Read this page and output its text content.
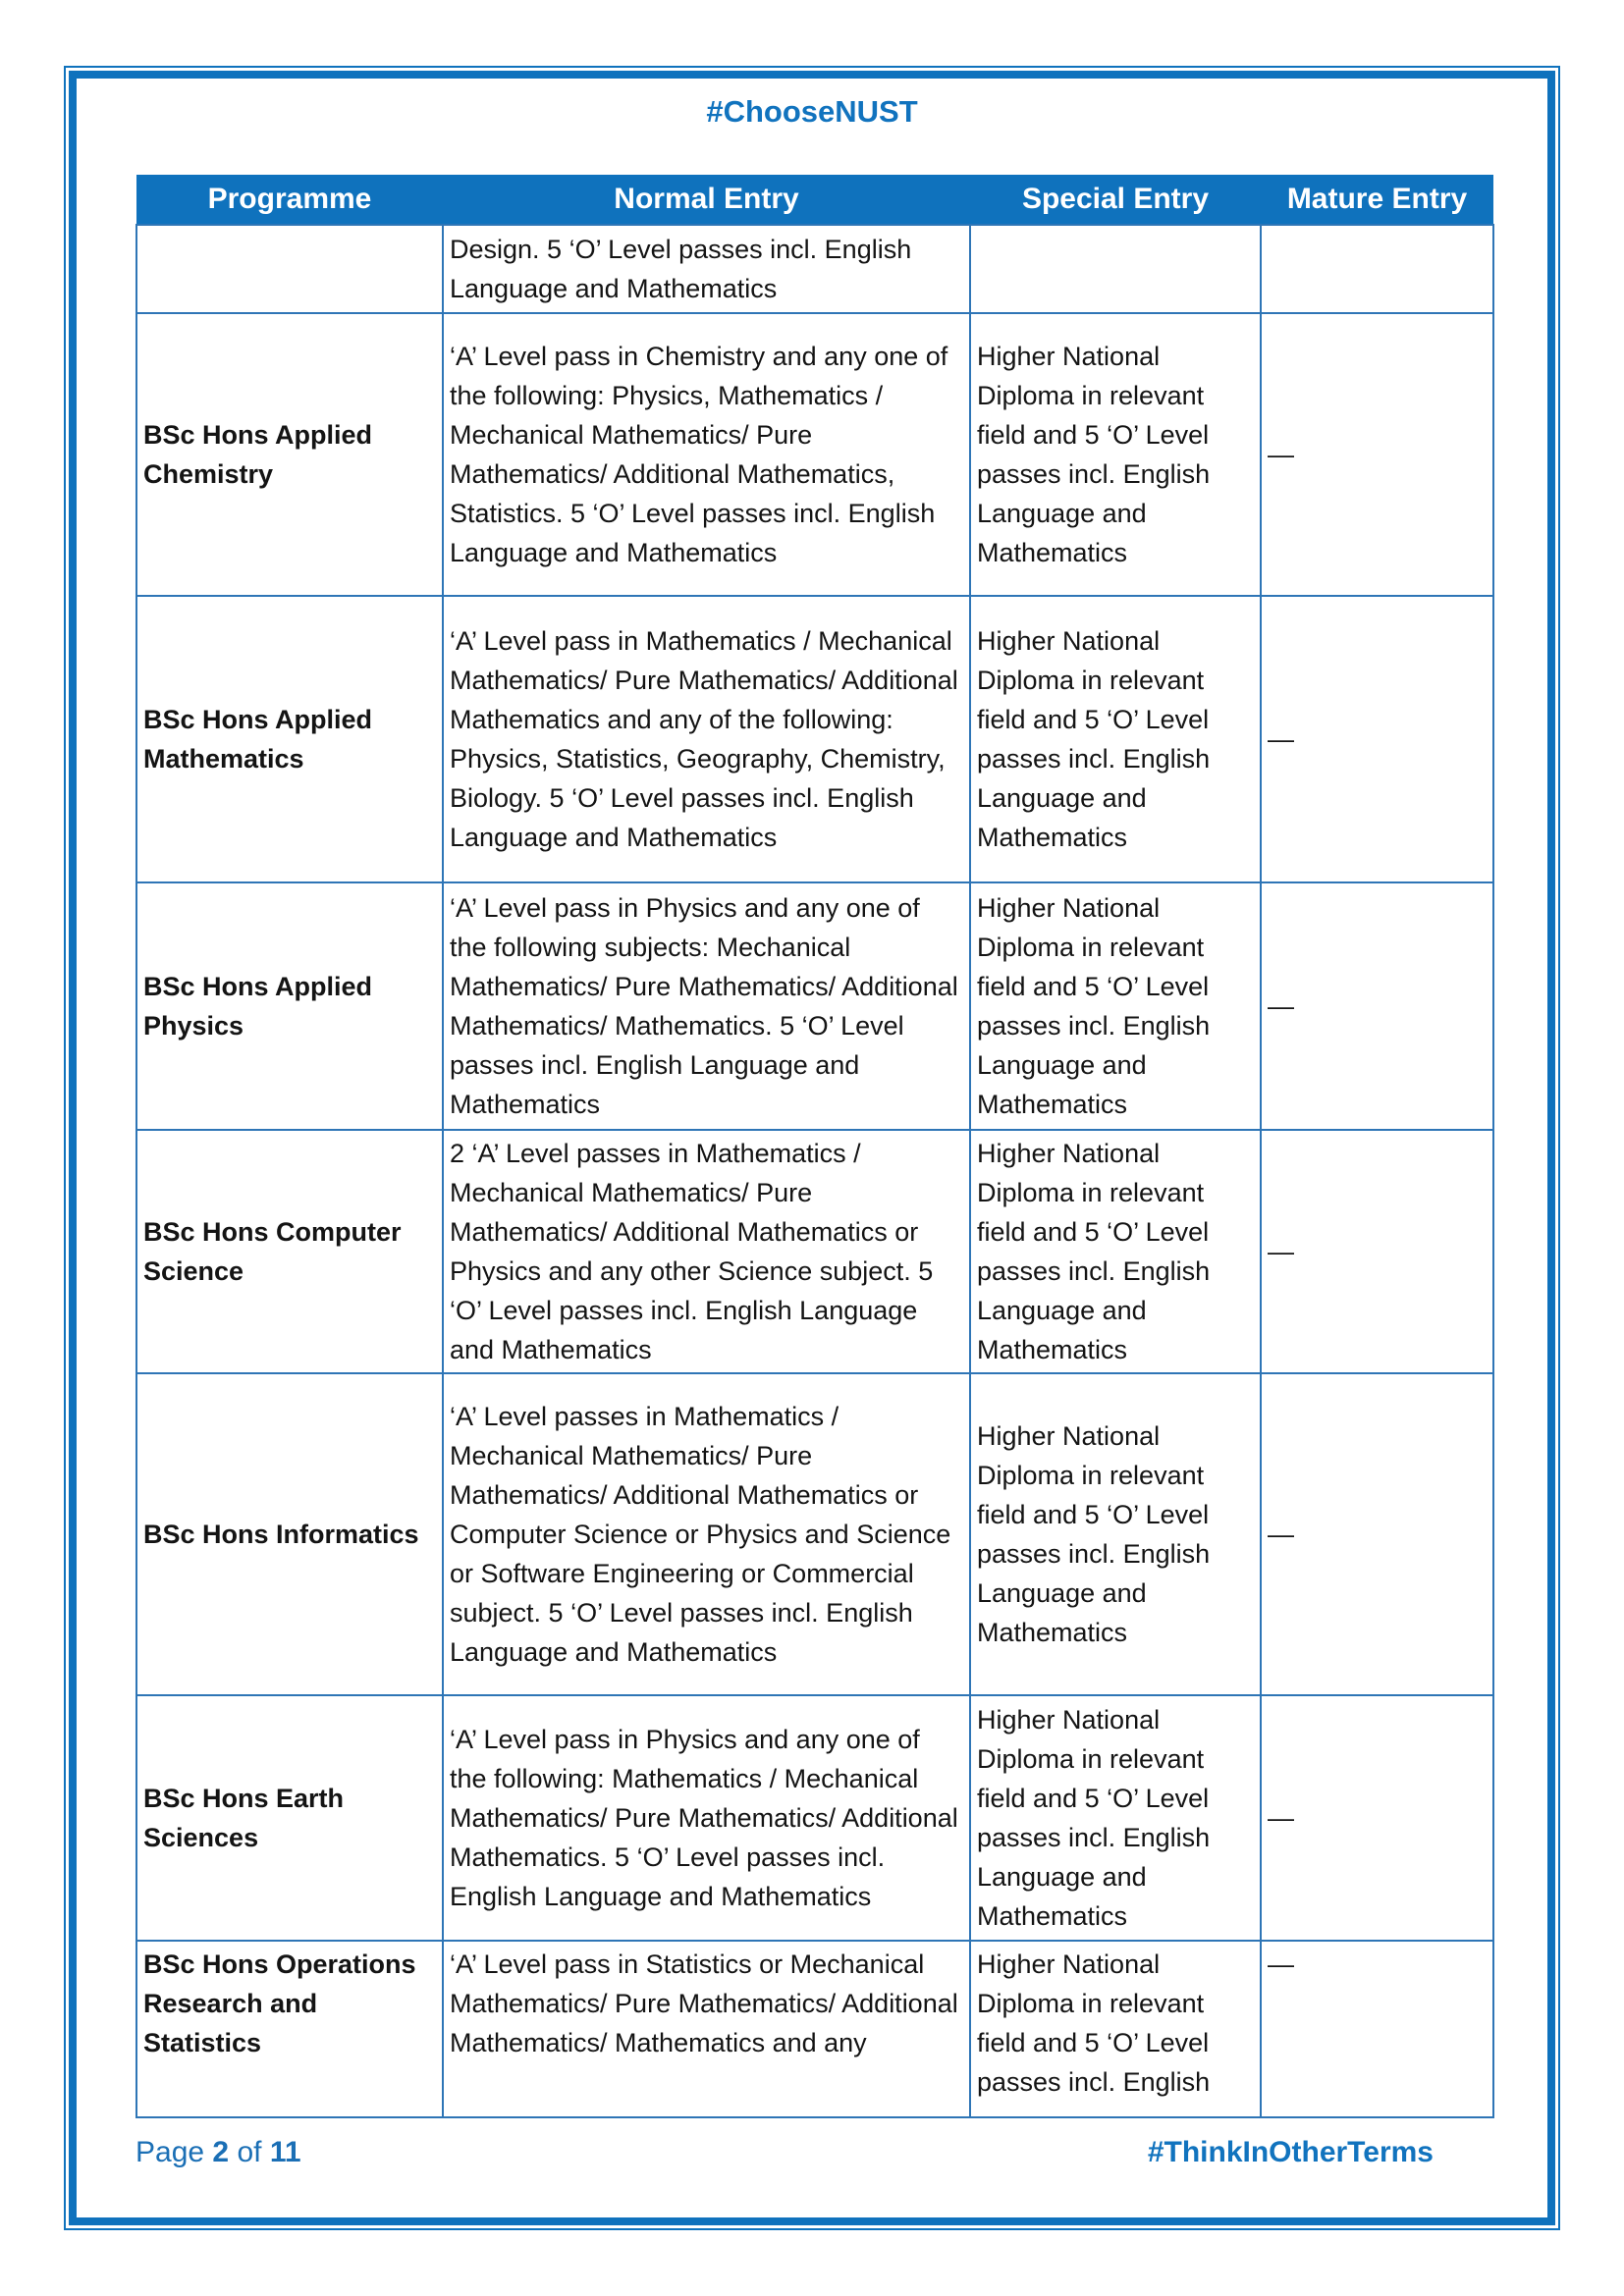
#ChooseNUST
Programme	Normal Entry	Special Entry	Mature Entry
	Design. 5 ‘O’ Level passes incl. English Language and Mathematics		
BSc Hons Applied Chemistry	‘A’ Level pass in Chemistry and any one of the following: Physics, Mathematics / Mechanical Mathematics/ Pure Mathematics/ Additional Mathematics, Statistics. 5 ‘O’ Level passes incl. English Language and Mathematics	Higher National Diploma in relevant field and 5 ‘O’ Level passes incl. English Language and Mathematics	—
BSc Hons Applied Mathematics	‘A’ Level pass in Mathematics / Mechanical Mathematics/ Pure Mathematics/ Additional Mathematics and any of the following: Physics, Statistics, Geography, Chemistry, Biology. 5 ‘O’ Level passes incl. English Language and Mathematics	Higher National Diploma in relevant field and 5 ‘O’ Level passes incl. English Language and Mathematics	—
BSc Hons Applied Physics	‘A’ Level pass in Physics and any one of the following subjects: Mechanical Mathematics/ Pure Mathematics/ Additional Mathematics/ Mathematics. 5 ‘O’ Level passes incl. English Language and Mathematics	Higher National Diploma in relevant field and 5 ‘O’ Level passes incl. English Language and Mathematics	—
BSc Hons Computer Science	2 ‘A’ Level passes in Mathematics / Mechanical Mathematics/ Pure Mathematics/ Additional Mathematics or Physics and any other Science subject. 5 ‘O’ Level passes incl. English Language and Mathematics	Higher National Diploma in relevant field and 5 ‘O’ Level passes incl. English Language and Mathematics	—
BSc Hons Informatics	‘A’ Level passes in Mathematics / Mechanical Mathematics/ Pure Mathematics/ Additional Mathematics or Computer Science or Physics and Science or Software Engineering or Commercial subject. 5 ‘O’ Level passes incl. English Language and Mathematics	Higher National Diploma in relevant field and 5 ‘O’ Level passes incl. English Language and Mathematics	—
BSc Hons Earth Sciences	‘A’ Level pass in Physics and any one of the following: Mathematics / Mechanical Mathematics/ Pure Mathematics/ Additional Mathematics. 5 ‘O’ Level passes incl. English Language and Mathematics	Higher National Diploma in relevant field and 5 ‘O’ Level passes incl. English Language and Mathematics	—
BSc Hons Operations Research and Statistics	‘A’ Level pass in Statistics or Mechanical Mathematics/ Pure Mathematics/ Additional Mathematics/ Mathematics and any	Higher National Diploma in relevant field and 5 ‘O’ Level passes incl. English	—
Page 2 of 11	#ThinkInOtherTerms
